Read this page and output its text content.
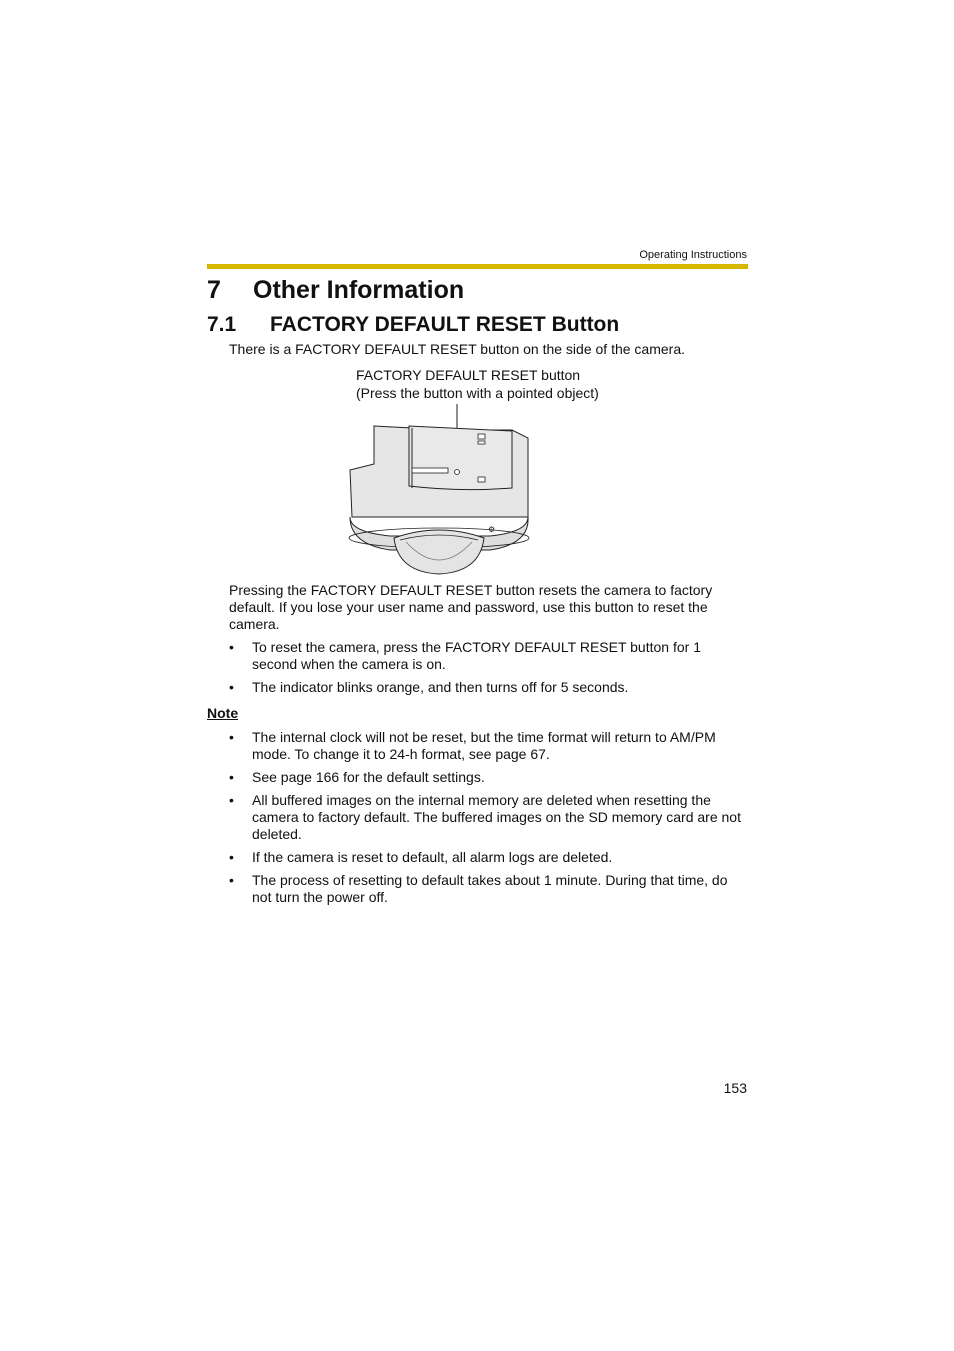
Operating Instructions
7 Other Information
7.1 FACTORY DEFAULT RESET Button
There is a FACTORY DEFAULT RESET button on the side of the camera.
FACTORY DEFAULT RESET button
(Press the button with a pointed object)
⚙
Pressing the FACTORY DEFAULT RESET button resets the camera to factory default. If you lose your user name and password, use this button to reset the camera.
• To reset the camera, press the FACTORY DEFAULT RESET button for 1 second when the camera is on.
• The indicator blinks orange, and then turns off for 5 seconds.
Note
• The internal clock will not be reset, but the time format will return to AM/PM mode. To change it to 24-h format, see page 67.
• See page 166 for the default settings.
• All buffered images on the internal memory are deleted when resetting the camera to factory default. The buffered images on the SD memory card are not deleted.
• If the camera is reset to default, all alarm logs are deleted.
• The process of resetting to default takes about 1 minute. During that time, do not turn the power off.
153
